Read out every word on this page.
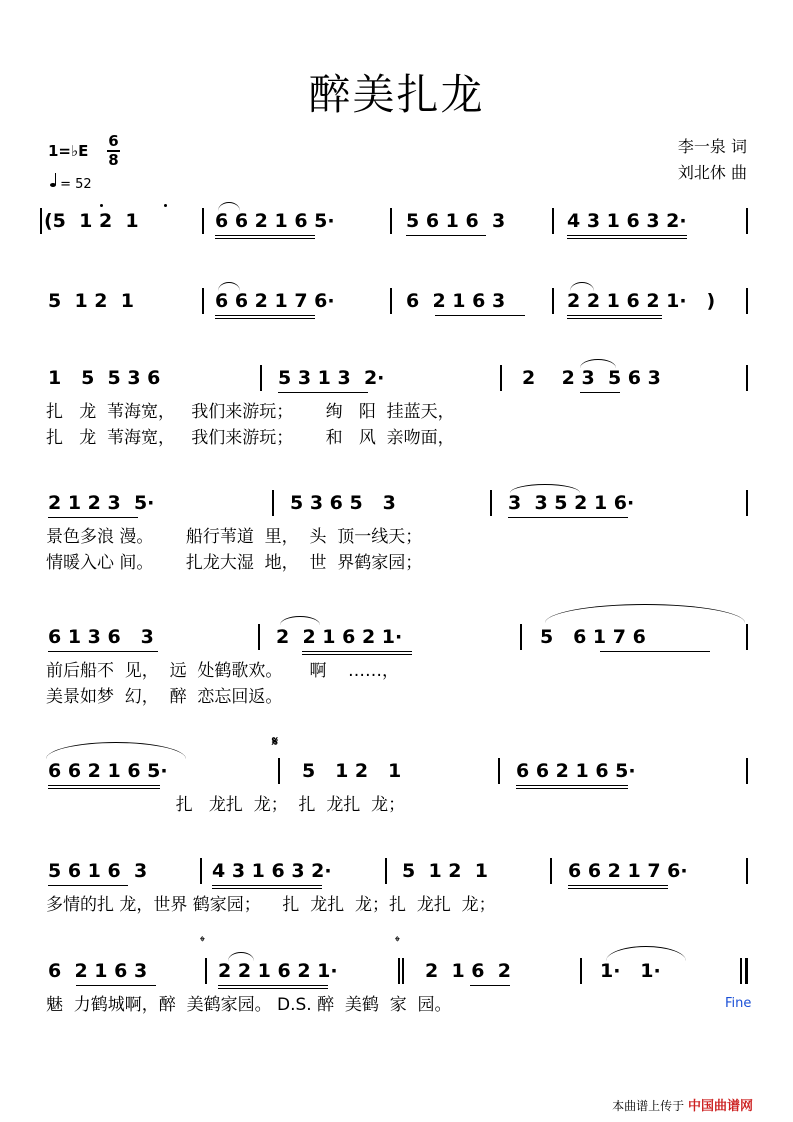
醉美扎龙
1=♭E
6
8
= 52
李一泉 词
刘北休 曲
(5  1 2  1	6 6 2 1 6 5·	5 6 1 6  3	4 3 1 6 3 2·
5  1 2  1	6 6 2 1 7 6·	6  2 1 6 3	2 2 1 6 2 1·   )
1   5  5 3 6	5 3 1 3  2·	2    2 3  5 6 3
扎   龙  苇海宽，   我们来游玩；      绚   阳  挂蓝天，
扎   龙  苇海宽，   我们来游玩；      和   风  亲吻面，
2 1 2 3  5·	5 3 6 5   3	3  3 5 2 1 6·
景色多浪 漫。      船行苇道  里，  头  顶一线天；
情暖入心 间。      扎龙大湿  地，  世  界鹤家园；
6 1 3 6   3	2  2 1 6 2 1·	5   6 1 7 6
前后船不  见，  远  处鹤歌欢。     啊    ……，
美景如梦  幻，  醉  恋忘回返。
6 6 2 1 6 5·
𝄋
5   1 2   1	6 6 2 1 6 5·
扎   龙扎  龙；  扎  龙扎  龙；
5 6 1 6  3	4 3 1 6 3 2·	5  1 2  1	6 6 2 1 7 6·
多情的扎 龙，世界 鹤家园；    扎  龙扎  龙；扎  龙扎  龙；
6  2 1 6 3
𝄌
2 2 1 6 2 1·
𝄌
2  1 6  2	1·   1·
魅  力鹤城啊，醉  美鹤家园。 D.S. 醉  美鹤  家  园。	Fine
本曲谱上传于 中国曲谱网
